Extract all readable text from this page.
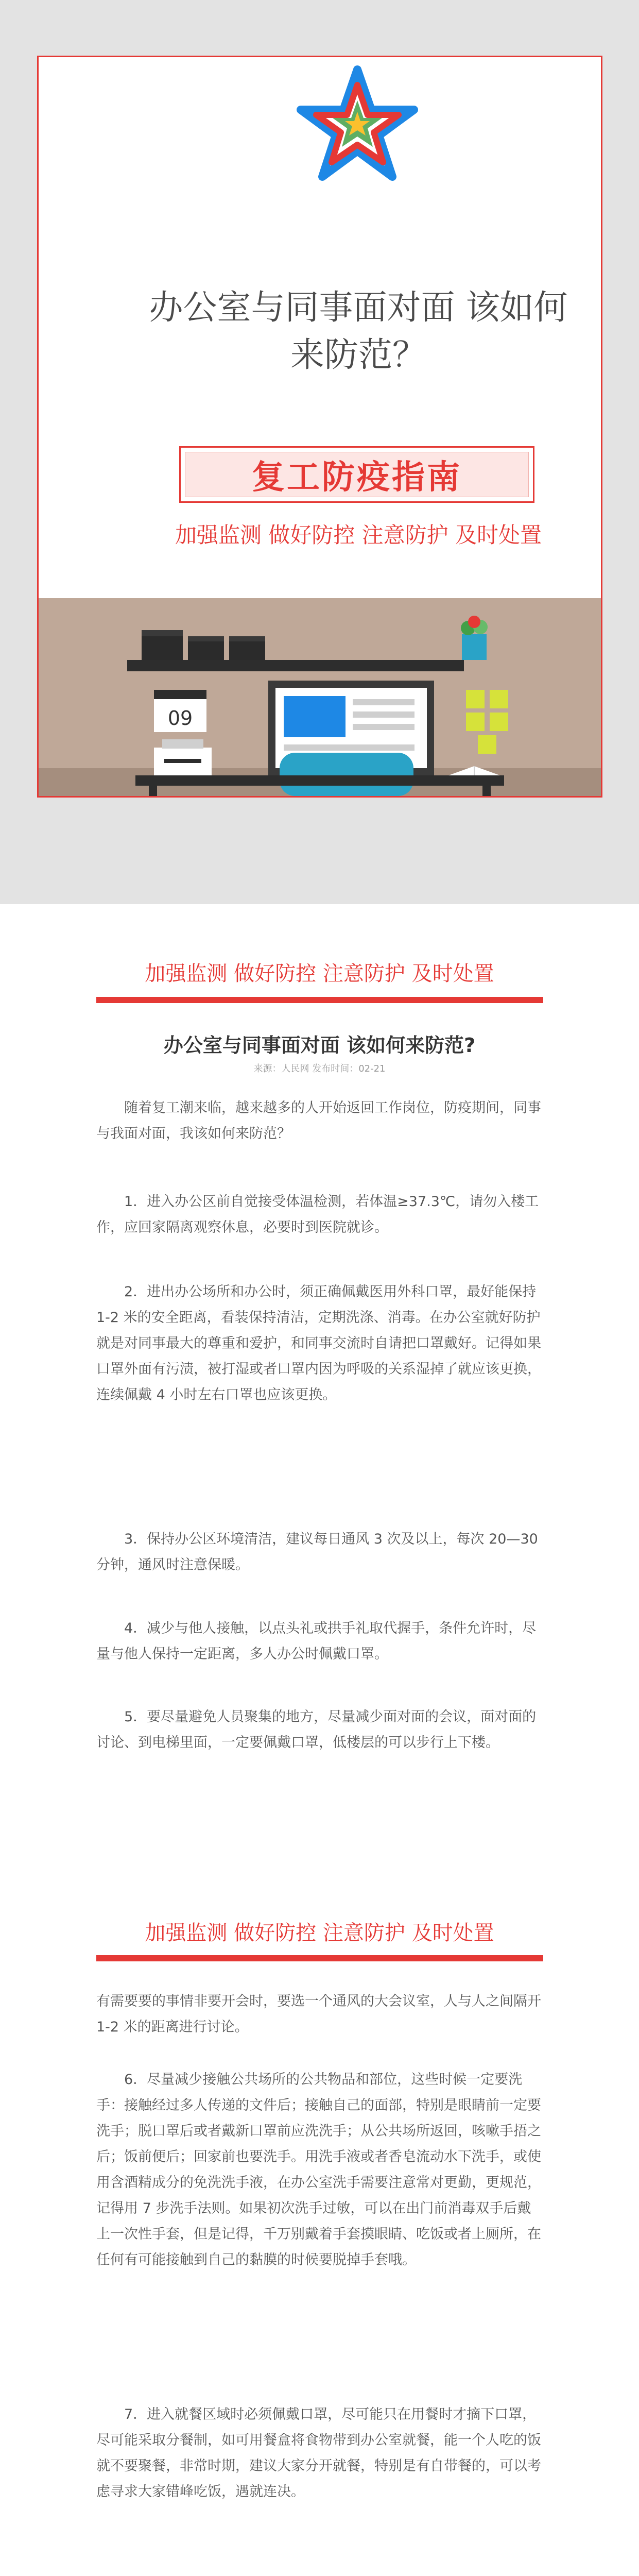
办公室与同事面对面 该如何
来防范？
复工防疫指南
加强监测 做好防控 注意防护 及时处置
09
加强监测 做好防控 注意防护 及时处置
办公室与同事面对面 该如何来防范?
来源：人民网 发布时间：02-21
随着复工潮来临，越来越多的人开始返回工作岗位，防疫期间，同事与我面对面，我该如何来防范？
1．进入办公区前自觉接受体温检测，若体温≥37.3℃，请勿入楼工作，应回家隔离观察休息，必要时到医院就诊。
2．进出办公场所和办公时，须正确佩戴医用外科口罩，最好能保持 1-2 米的安全距离，看装保持清洁，定期洗涤、消毒。在办公室就好防护就是对同事最大的尊重和爱护，和同事交流时自请把口罩戴好。记得如果口罩外面有污渍，被打湿或者口罩内因为呼吸的关系湿掉了就应该更换，连续佩戴 4 小时左右口罩也应该更换。
3．保持办公区环境清洁，建议每日通风 3 次及以上，每次 20—30 分钟，通风时注意保暖。
4．减少与他人接触，以点头礼或拱手礼取代握手，条件允许时，尽量与他人保持一定距离，多人办公时佩戴口罩。
5．要尽量避免人员聚集的地方，尽量减少面对面的会议，面对面的讨论、到电梯里面，一定要佩戴口罩，低楼层的可以步行上下楼。
加强监测 做好防控 注意防护 及时处置
有需要要的事情非要开会时，要选一个通风的大会议室，人与人之间隔开 1-2 米的距离进行讨论。
6．尽量减少接触公共场所的公共物品和部位，这些时候一定要洗手：接触经过多人传递的文件后；接触自己的面部，特别是眼睛前一定要洗手；脱口罩后或者戴新口罩前应洗洗手；从公共场所返回，咳嗽手捂之后；饭前便后；回家前也要洗手。用洗手液或者香皂流动水下洗手，或使用含酒精成分的免洗洗手液，在办公室洗手需要注意常对更勤，更规范，记得用 7 步洗手法则。如果初次洗手过敏，可以在出门前消毒双手后戴上一次性手套，但是记得，千万别戴着手套摸眼睛、吃饭或者上厕所，在任何有可能接触到自己的黏膜的时候要脱掉手套哦。
7．进入就餐区域时必须佩戴口罩，尽可能只在用餐时才摘下口罩，尽可能采取分餐制，如可用餐盒将食物带到办公室就餐，能一个人吃的饭就不要聚餐，非常时期，建议大家分开就餐，特别是有自带餐的，可以考虑寻求大家错峰吃饭，遇就连决。
